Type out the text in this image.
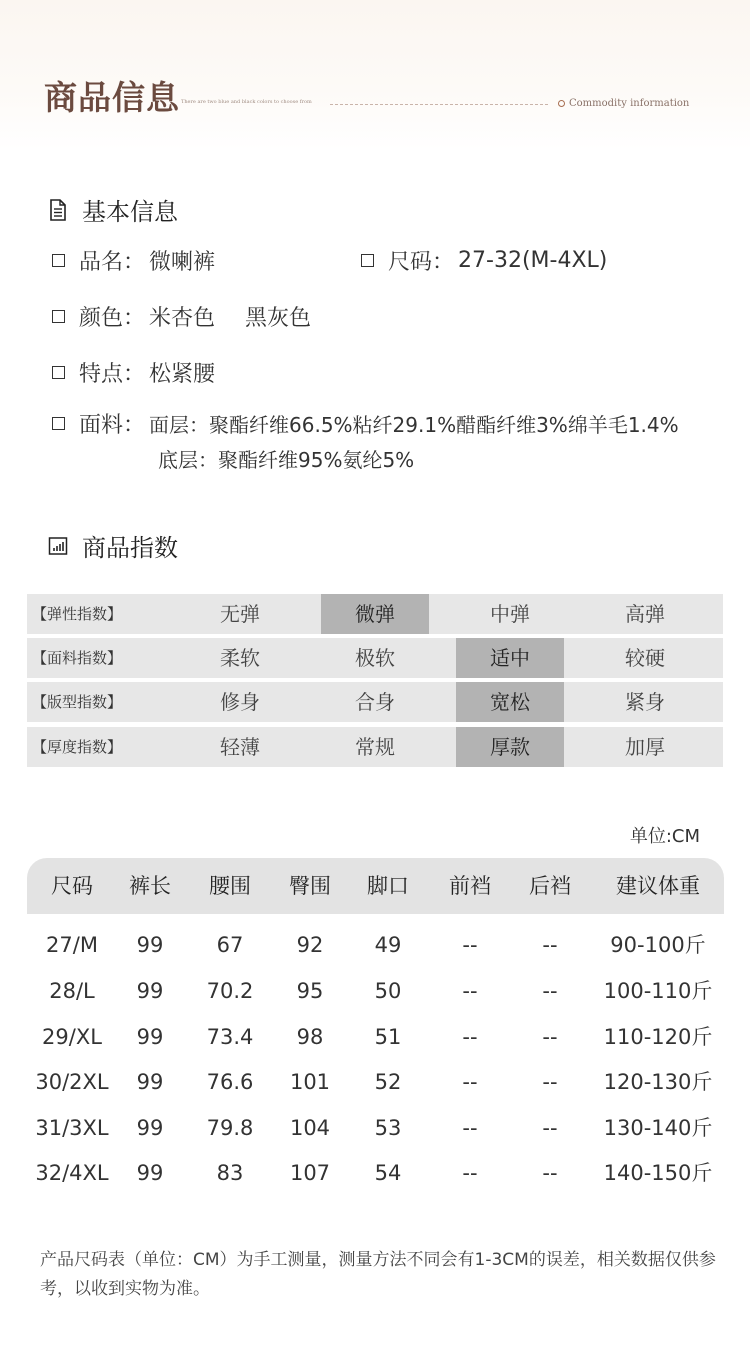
商品信息 There are two blue and black colors to choose from	Commodity information
基本信息
品名： 微喇裤	尺码： 27-32(M-4XL)
颜色： 米杏色 黑灰色
特点： 松紧腰
面料： 面层：聚酯纤维66.5%粘纤29.1%醋酯纤维3%绵羊毛1.4%
底层：聚酯纤维95%氨纶5%
商品指数
【弹性指数】	无弹	微弹	中弹	高弹
【面料指数】	柔软	极软	适中	较硬
【版型指数】	修身	合身	宽松	紧身
【厚度指数】	轻薄	常规	厚款	加厚
单位:CM
尺码	裤长	腰围	臀围	脚口	前裆	后裆	建议体重
27/M	99	67	92	49	--	--	90-100斤
28/L	99	70.2	95	50	--	--	100-110斤
29/XL	99	73.4	98	51	--	--	110-120斤
30/2XL	99	76.6	101	52	--	--	120-130斤
31/3XL	99	79.8	104	53	--	--	130-140斤
32/4XL	99	83	107	54	--	--	140-150斤
产品尺码表（单位：CM）为手工测量，测量方法不同会有1-3CM的误差，相关数据仅供参考，以收到实物为准。
